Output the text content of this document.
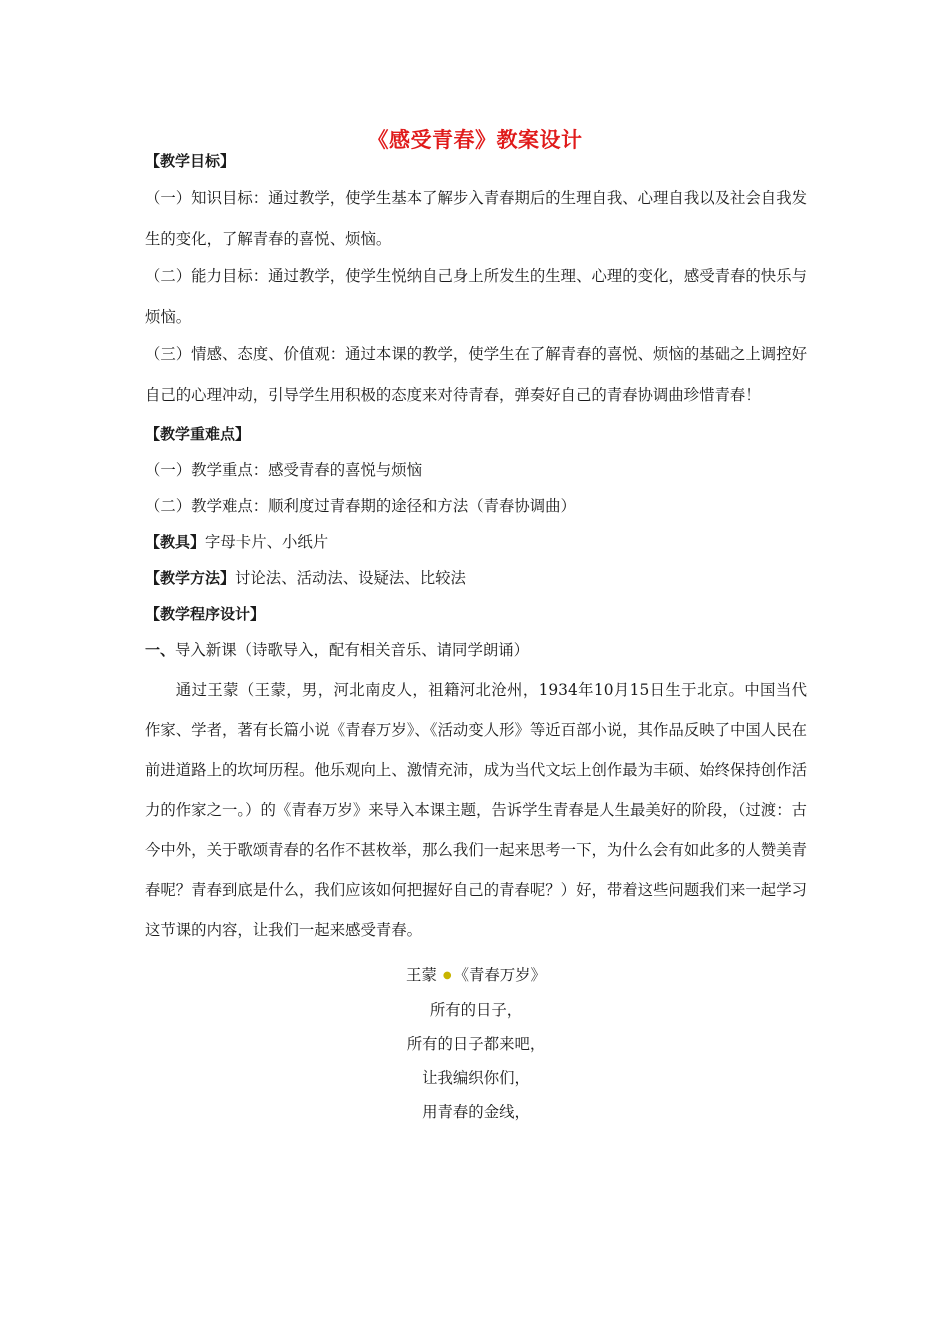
《感受青春》教案设计

【教学目标】

（一）知识目标：通过教学，使学生基本了解步入青春期后的生理自我、心理自我以及社会自我发生的变化，了解青春的喜悦、烦恼。

（二）能力目标：通过教学，使学生悦纳自己身上所发生的生理、心理的变化，感受青春的快乐与烦恼。

（三）情感、态度、价值观：通过本课的教学，使学生在了解青春的喜悦、烦恼的基础之上调控好自己的心理冲动，引导学生用积极的态度来对待青春，弹奏好自己的青春协调曲珍惜青春！

【教学重难点】

（一）教学重点：感受青春的喜悦与烦恼

（二）教学难点：顺利度过青春期的途径和方法（青春协调曲）

【教具】字母卡片、小纸片

【教学方法】讨论法、活动法、设疑法、比较法

【教学程序设计】

一、导入新课（诗歌导入，配有相关音乐、请同学朗诵）

通过王蒙（王蒙，男，河北南皮人，祖籍河北沧州，1934年10月15日生于北京。中国当代作家、学者，著有长篇小说《青春万岁》、《活动变人形》等近百部小说，其作品反映了中国人民在前进道路上的坎坷历程。他乐观向上、激情充沛，成为当代文坛上创作最为丰硕、始终保持创作活力的作家之一。）的《青春万岁》来导入本课主题，告诉学生青春是人生最美好的阶段，（过渡：古今中外，关于歌颂青春的名作不甚枚举，那么我们一起来思考一下，为什么会有如此多的人赞美青春呢？青春到底是什么，我们应该如何把握好自己的青春呢？）好，带着这些问题我们来一起学习这节课的内容，让我们一起来感受青春。

王蒙 ● 《青春万岁》

所有的日子，

所有的日子都来吧，

让我编织你们，

用青春的金线，
